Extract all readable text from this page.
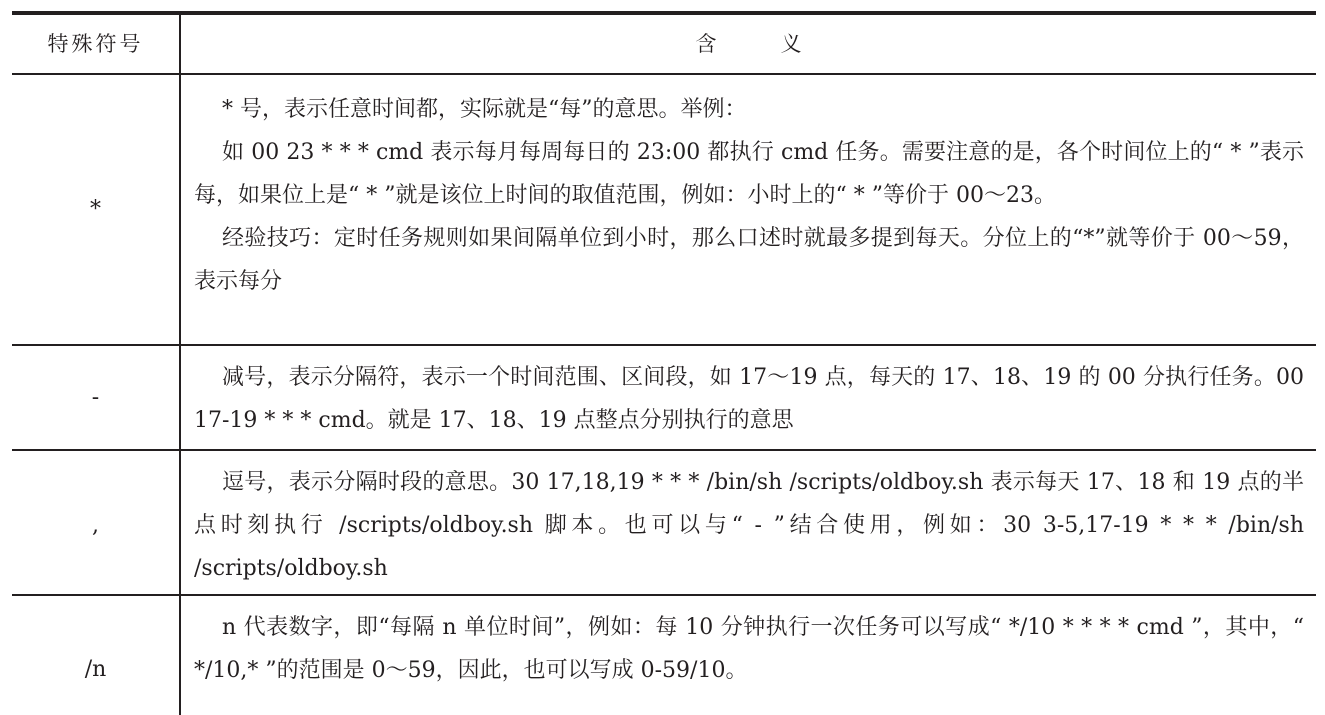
特殊符号	含	义
*

* 号，表示任意时间都，实际就是“每”的意思。举例：

如 00 23 * * * cmd 表示每月每周每日的 23:00 都执行 cmd 任务。需要注意的是，各个时间位上的“ * ”表示每，如果位上是“ * ”就是该位上时间的取值范围，例如：小时上的“ * ”等价于 00～23。

经验技巧：定时任务规则如果间隔单位到小时，那么口述时就最多提到每天。分位上的“*”就等价于 00～59，表示每分

-

减号，表示分隔符，表示一个时间范围、区间段，如 17～19 点，每天的 17、18、19 的 00 分执行任务。00 17-19 * * * cmd。就是 17、18、19 点整点分别执行的意思

,

逗号，表示分隔时段的意思。30 17,18,19 * * * /bin/sh /scripts/oldboy.sh 表示每天 17、18 和 19 点的半点时刻执行 /scripts/oldboy.sh 脚本。也可以与“ - ”结合使用，例如：30 3-5,17-19 * * * /bin/sh /scripts/oldboy.sh

/n

n 代表数字，即“每隔 n 单位时间”，例如：每 10 分钟执行一次任务可以写成“ */10 * * * * cmd ”，其中，“ */10,* ”的范围是 0～59，因此，也可以写成 0-59/10。
